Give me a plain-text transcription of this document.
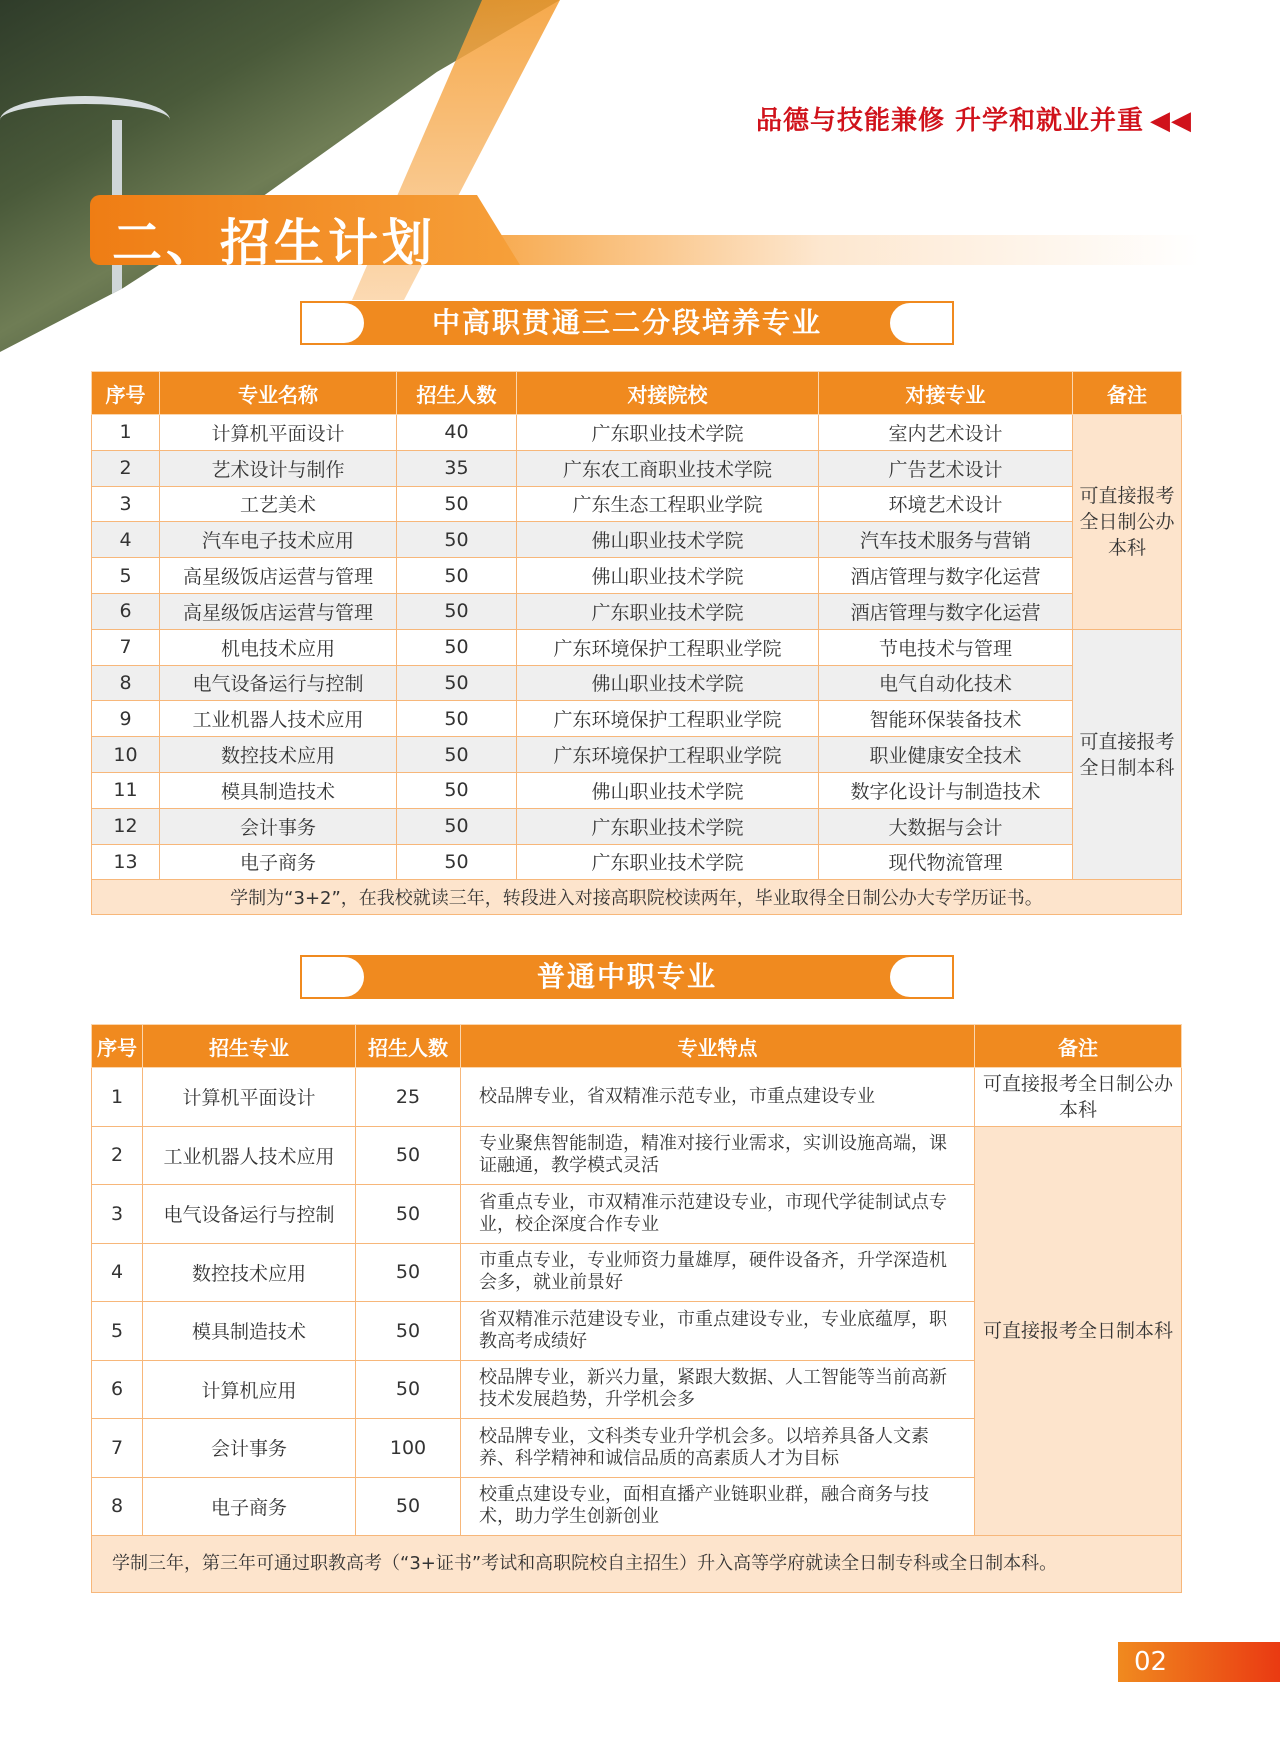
品德与技能兼修 升学和就业并重 ◀◀
二、招生计划
中高职贯通三二分段培养专业
序号	专业名称	招生人数	对接院校	对接专业	备注
1	计算机平面设计	40	广东职业技术学院	室内艺术设计	可直接报考全日制公办本科
2	艺术设计与制作	35	广东农工商职业技术学院	广告艺术设计	
3	工艺美术	50	广东生态工程职业学院	环境艺术设计	
4	汽车电子技术应用	50	佛山职业技术学院	汽车技术服务与营销	
5	高星级饭店运营与管理	50	佛山职业技术学院	酒店管理与数字化运营	
6	高星级饭店运营与管理	50	广东职业技术学院	酒店管理与数字化运营	
7	机电技术应用	50	广东环境保护工程职业学院	节电技术与管理	可直接报考全日制本科
8	电气设备运行与控制	50	佛山职业技术学院	电气自动化技术	
9	工业机器人技术应用	50	广东环境保护工程职业学院	智能环保装备技术	
10	数控技术应用	50	广东环境保护工程职业学院	职业健康安全技术	
11	模具制造技术	50	佛山职业技术学院	数字化设计与制造技术	
12	会计事务	50	广东职业技术学院	大数据与会计	
13	电子商务	50	广东职业技术学院	现代物流管理	
学制为“3+2”，在我校就读三年，转段进入对接高职院校读两年，毕业取得全日制公办大专学历证书。					
普通中职专业
序号	招生专业	招生人数	专业特点	备注
1	计算机平面设计	25	校品牌专业，省双精准示范专业，市重点建设专业	可直接报考全日制公办本科
2	工业机器人技术应用	50	专业聚焦智能制造，精准对接行业需求，实训设施高端，课证融通，教学模式灵活	可直接报考全日制本科
3	电气设备运行与控制	50	省重点专业，市双精准示范建设专业，市现代学徒制试点专业，校企深度合作专业	
4	数控技术应用	50	市重点专业，专业师资力量雄厚，硬件设备齐，升学深造机会多，就业前景好	
5	模具制造技术	50	省双精准示范建设专业，市重点建设专业，专业底蕴厚，职教高考成绩好	
6	计算机应用	50	校品牌专业，新兴力量，紧跟大数据、人工智能等当前高新技术发展趋势，升学机会多	
7	会计事务	100	校品牌专业，文科类专业升学机会多。以培养具备人文素养、科学精神和诚信品质的高素质人才为目标	
8	电子商务	50	校重点建设专业，面相直播产业链职业群，融合商务与技术，助力学生创新创业	
学制三年，第三年可通过职教高考（“3+证书”考试和高职院校自主招生）升入高等学府就读全日制专科或全日制本科。				
02
